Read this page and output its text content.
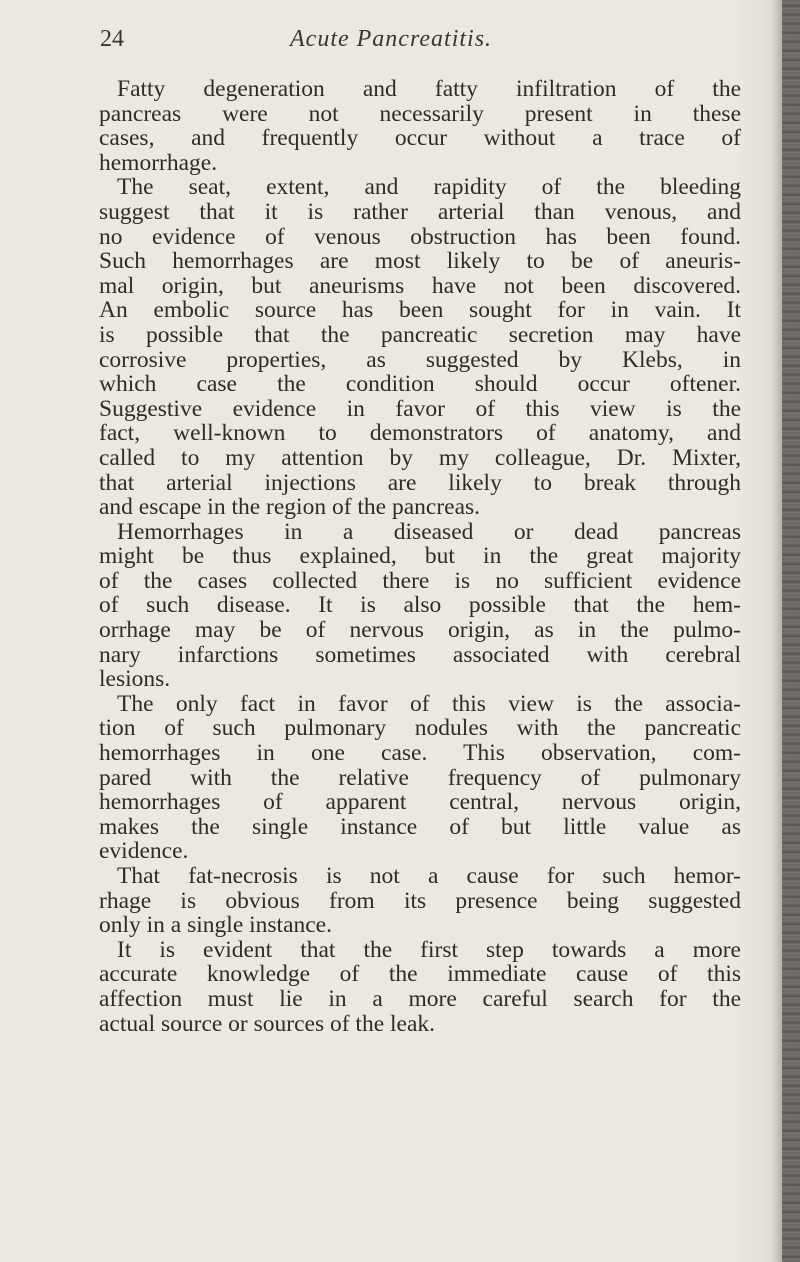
24	Acute Pancreatitis.
Fatty degeneration and fatty infiltration of the
pancreas were not necessarily present in these
cases, and frequently occur without a trace of
hemorrhage.
The seat, extent, and rapidity of the bleeding
suggest that it is rather arterial than venous, and
no evidence of venous obstruction has been found.
Such hemorrhages are most likely to be of aneuris-
mal origin, but aneurisms have not been discovered.
An embolic source has been sought for in vain. It
is possible that the pancreatic secretion may have
corrosive properties, as suggested by Klebs, in
which case the condition should occur oftener.
Suggestive evidence in favor of this view is the
fact, well-known to demonstrators of anatomy, and
called to my attention by my colleague, Dr. Mixter,
that arterial injections are likely to break through
and escape in the region of the pancreas.
Hemorrhages in a diseased or dead pancreas
might be thus explained, but in the great majority
of the cases collected there is no sufficient evidence
of such disease. It is also possible that the hem-
orrhage may be of nervous origin, as in the pulmo-
nary infarctions sometimes associated with cerebral
lesions.
The only fact in favor of this view is the associa-
tion of such pulmonary nodules with the pancreatic
hemorrhages in one case. This observation, com-
pared with the relative frequency of pulmonary
hemorrhages of apparent central, nervous origin,
makes the single instance of but little value as
evidence.
That fat-necrosis is not a cause for such hemor-
rhage is obvious from its presence being suggested
only in a single instance.
It is evident that the first step towards a more
accurate knowledge of the immediate cause of this
affection must lie in a more careful search for the
actual source or sources of the leak.
